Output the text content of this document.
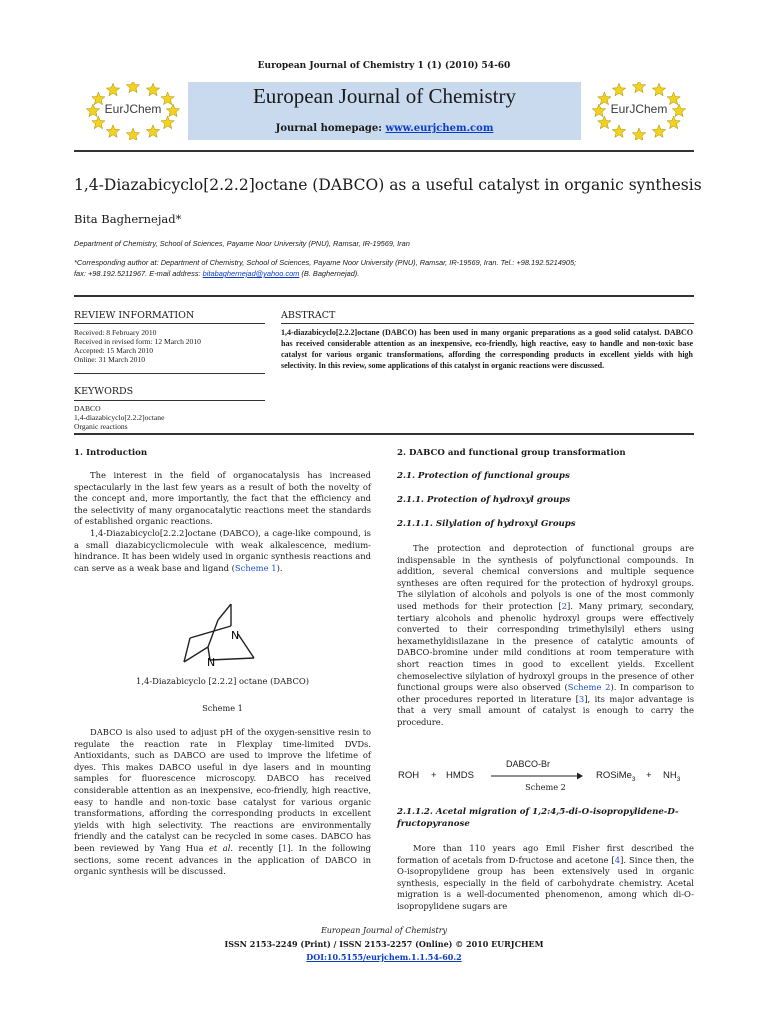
European Journal of Chemistry 1 (1) (2010) 54-60
EurJChem
European Journal of Chemistry
Journal homepage: www.eurjchem.com
EurJChem
1,4-Diazabicyclo[2.2.2]octane (DABCO) as a useful catalyst in organic synthesis
Bita Baghernejad*
Department of Chemistry, School of Sciences, Payame Noor University (PNU), Ramsar, IR-19569, Iran
*Corresponding author at: Department of Chemistry, School of Sciences, Payame Noor University (PNU), Ramsar, IR-19569, Iran. Tel.: +98.192.5214905;
fax: +98.192.5211967. E-mail address: bitabaghernejad@yahoo.com (B. Baghernejad).
REVIEW INFORMATION
Received: 8 February 2010
Received in revised form: 12 March 2010
Accepted: 15 March 2010
Online: 31 March 2010
KEYWORDS
DABCO
1,4-diazabicyclo[2.2.2]octane
Organic reactions
ABSTRACT
1,4-diazabicyclo[2.2.2]octane (DABCO) has been used in many organic preparations as a good solid catalyst. DABCO has received considerable attention as an inexpensive, eco-friendly, high reactive, easy to handle and non-toxic base catalyst for various organic transformations, affording the corresponding products in excellent yields with high selectivity. In this review, some applications of this catalyst in organic reactions were discussed.
1. Introduction

The interest in the field of organocatalysis has increased spectacularly in the last few years as a result of both the novelty of the concept and, more importantly, the fact that the efficiency and the selectivity of many organocatalytic reactions meet the standards of established organic reactions.

1,4-Diazabicyclo[2.2.2]octane (DABCO), a cage-like compound, is a small diazabicyclicmolecule with weak alkalescence, medium-hindrance. It has been widely used in organic synthesis reactions and can serve as a weak base and ligand (Scheme 1).

N
N
1,4-Diazabicyclo [2.2.2] octane (DABCO)
Scheme 1

DABCO is also used to adjust pH of the oxygen-sensitive resin to regulate the reaction rate in Flexplay time-limited DVDs. Antioxidants, such as DABCO are used to improve the lifetime of dyes. This makes DABCO useful in dye lasers and in mounting samples for fluorescence microscopy. DABCO has received considerable attention as an inexpensive, eco-friendly, high reactive, easy to handle and non-toxic base catalyst for various organic transformations, affording the corresponding products in excellent yields with high selectivity. The reactions are environmentally friendly and the catalyst can be recycled in some cases. DABCO has been reviewed by Yang Hua et al. recently [1]. In the following sections, some recent advances in the application of DABCO in organic synthesis will be discussed.

2. DABCO and functional group transformation
2.1. Protection of functional groups
2.1.1. Protection of hydroxyl groups
2.1.1.1. Silylation of hydroxyl Groups

The protection and deprotection of functional groups are indispensable in the synthesis of polyfunctional compounds. In addition, several chemical conversions and multiple sequence syntheses are often required for the protection of hydroxyl groups. The silylation of alcohols and polyols is one of the most commonly used methods for their protection [2]. Many primary, secondary, tertiary alcohols and phenolic hydroxyl groups were effectively converted to their corresponding trimethylsilyl ethers using hexamethyldisilazane in the presence of catalytic amounts of DABCO-bromine under mild conditions at room temperature with short reaction times in good to excellent yields. Excellent chemoselective silylation of hydroxyl groups in the presence of other functional groups were also observed (Scheme 2). In comparison to other procedures reported in literature [3], its major advantage is that a very small amount of catalyst is enough to carry the procedure.

ROH + HMDS
DABCO-Br
ROSiMe$_3$ + $NH_3$
Scheme 2
2.1.1.2. Acetal migration of 1,2:4,5-di-O-isopropylidene-D-fructopyranose

More than 110 years ago Emil Fisher first described the formation of acetals from D-fructose and acetone [4]. Since then, the O-isopropylidene group has been extensively used in organic synthesis, especially in the field of carbohydrate chemistry. Acetal migration is a well-documented phenomenon, among which di-O-isopropylidene sugars are

European Journal of Chemistry
ISSN 2153-2249 (Print) / ISSN 2153-2257 (Online) © 2010 EURJCHEM
DOI:10.5155/eurjchem.1.1.54-60.2
